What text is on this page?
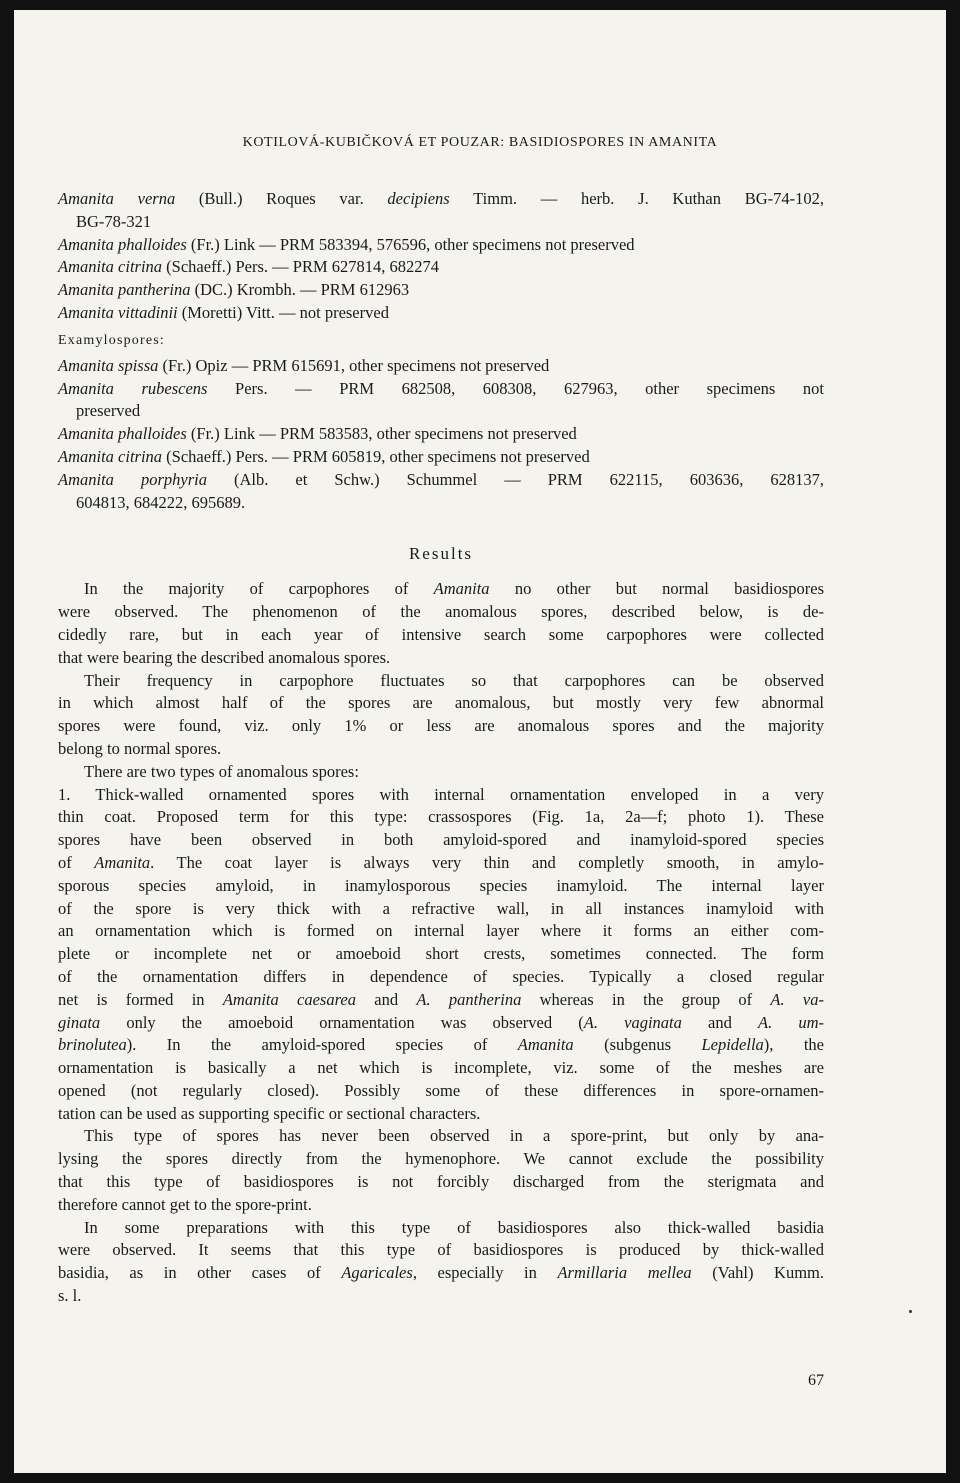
KOTILOVÁ-KUBIČKOVÁ ET POUZAR: BASIDIOSPORES IN AMANITA
Amanita verna (Bull.) Roques var. decipiens Timm. — herb. J. Kuthan BG-74-102,
BG-78-321
Amanita phalloides (Fr.) Link — PRM 583394, 576596, other specimens not preserved
Amanita citrina (Schaeff.) Pers. — PRM 627814, 682274
Amanita pantherina (DC.) Krombh. — PRM 612963
Amanita vittadinii (Moretti) Vitt. — not preserved
Examylospores:
Amanita spissa (Fr.) Opiz — PRM 615691, other specimens not preserved
Amanita rubescens Pers. — PRM 682508, 608308, 627963, other specimens not
preserved
Amanita phalloides (Fr.) Link — PRM 583583, other specimens not preserved
Amanita citrina (Schaeff.) Pers. — PRM 605819, other specimens not preserved
Amanita porphyria (Alb. et Schw.) Schummel — PRM 622115, 603636, 628137,
604813, 684222, 695689.
Results
In the majority of carpophores of Amanita no other but normal basidiospores
were observed. The phenomenon of the anomalous spores, described below, is de-
cidedly rare, but in each year of intensive search some carpophores were collected
that were bearing the described anomalous spores.
Their frequency in carpophore fluctuates so that carpophores can be observed
in which almost half of the spores are anomalous, but mostly very few abnormal
spores were found, viz. only 1% or less are anomalous spores and the majority
belong to normal spores.
There are two types of anomalous spores:
1. Thick-walled ornamented spores with internal ornamentation enveloped in a very
thin coat. Proposed term for this type: crassospores (Fig. 1a, 2a—f; photo 1). These
spores have been observed in both amyloid-spored and inamyloid-spored species
of Amanita. The coat layer is always very thin and completly smooth, in amylo-
sporous species amyloid, in inamylosporous species inamyloid. The internal layer
of the spore is very thick with a refractive wall, in all instances inamyloid with
an ornamentation which is formed on internal layer where it forms an either com-
plete or incomplete net or amoeboid short crests, sometimes connected. The form
of the ornamentation differs in dependence of species. Typically a closed regular
net is formed in Amanita caesarea and A. pantherina whereas in the group of A. va-
ginata only the amoeboid ornamentation was observed (A. vaginata and A. um-
brinolutea). In the amyloid-spored species of Amanita (subgenus Lepidella), the
ornamentation is basically a net which is incomplete, viz. some of the meshes are
opened (not regularly closed). Possibly some of these differences in spore-ornamen-
tation can be used as supporting specific or sectional characters.
This type of spores has never been observed in a spore-print, but only by ana-
lysing the spores directly from the hymenophore. We cannot exclude the possibility
that this type of basidiospores is not forcibly discharged from the sterigmata and
therefore cannot get to the spore-print.
In some preparations with this type of basidiospores also thick-walled basidia
were observed. It seems that this type of basidiospores is produced by thick-walled
basidia, as in other cases of Agaricales, especially in Armillaria mellea (Vahl) Kumm.
s. l.
67
